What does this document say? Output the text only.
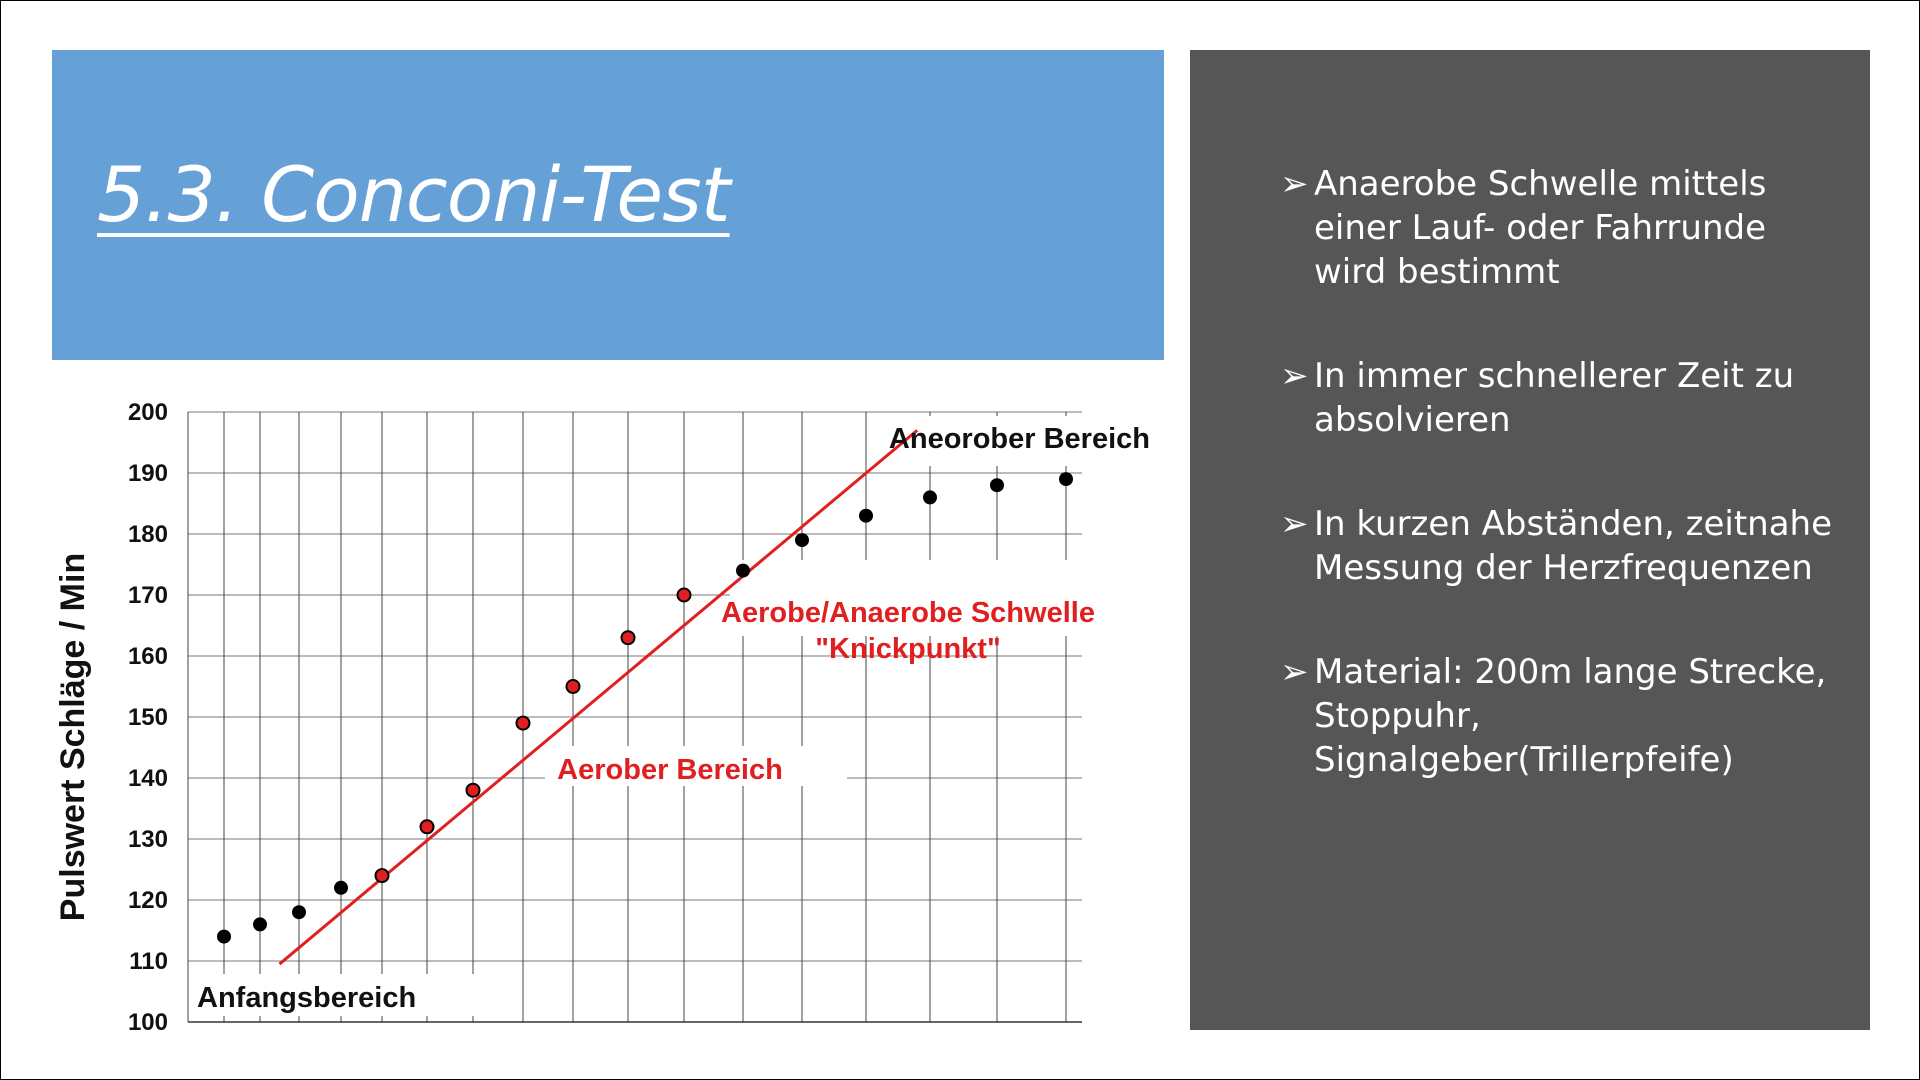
5.3. Conconi-Test	➢ Anaerobe Schwelle mittels einer Lauf- oder Fahrrunde wird bestimmt
➢ In immer schnellerer Zeit zu absolvieren
➢ In kurzen Abständen, zeitnahe Messung der Herzfrequenzen
➢ Material: 200m lange Strecke, Stoppuhr, Signalgeber(Trillerpfeife)
100
110
120
130
140
150
160
170
180
190
200
Pulswert Schläge / Min
Aneorober Bereich
Aerobe/Anaerobe Schwelle
"Knickpunkt"
Aerober Bereich
Anfangsbereich
